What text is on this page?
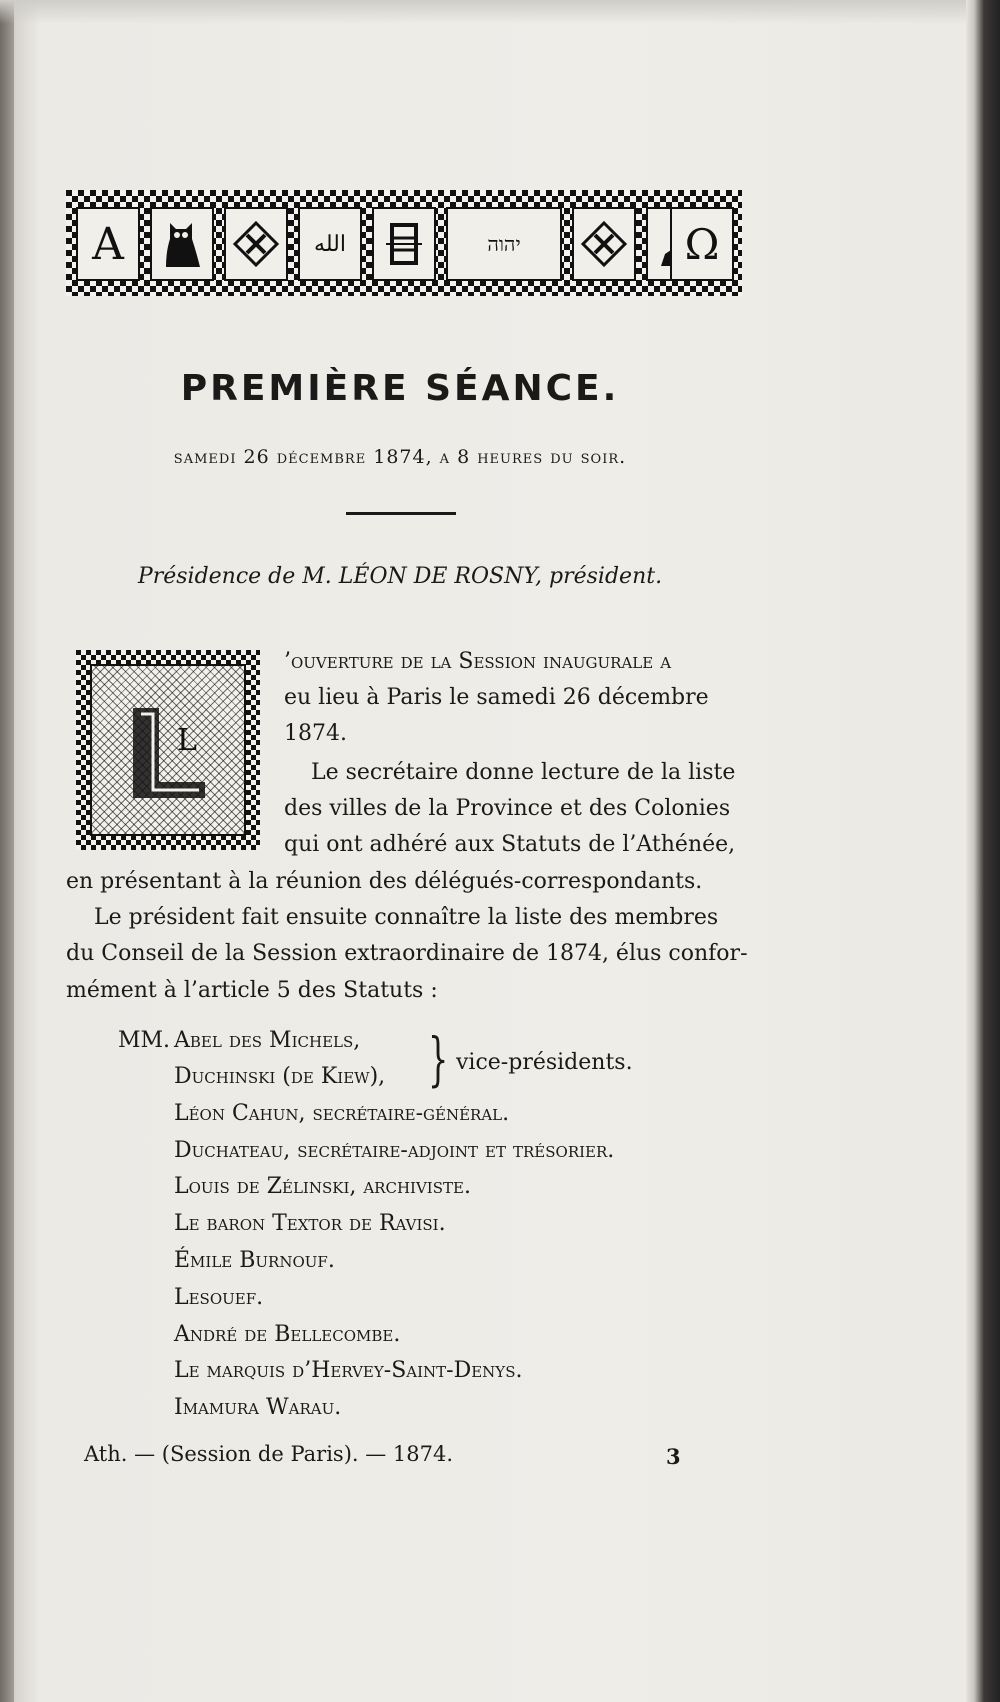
A	الله	יהוה	Ω
PREMIÈRE SÉANCE.
samedi 26 décembre 1874, a 8 heures du soir.
Présidence de M. LÉON DE ROSNY, président.
L
’ouverture de la Session inaugurale a
eu lieu à Paris le samedi 26 décembre
1874.
Le secrétaire donne lecture de la liste
des villes de la Province et des Colonies
qui ont adhéré aux Statuts de l’Athénée,
en présentant à la réunion des délégués-correspondants.
Le président fait ensuite connaître la liste des membres
du Conseil de la Session extraordinaire de 1874, élus confor-
mément à l’article 5 des Statuts :
MM. Abel des Michels,
Duchinski (de Kiew), } vice-présidents.
Léon Cahun, secrétaire-général.
Duchateau, secrétaire-adjoint et trésorier.
Louis de Zélinski, archiviste.
Le baron Textor de Ravisi.
Émile Burnouf.
Lesouef.
André de Bellecombe.
Le marquis d’Hervey-Saint-Denys.
Imamura Warau.
Ath. — (Session de Paris). — 1874.	3
